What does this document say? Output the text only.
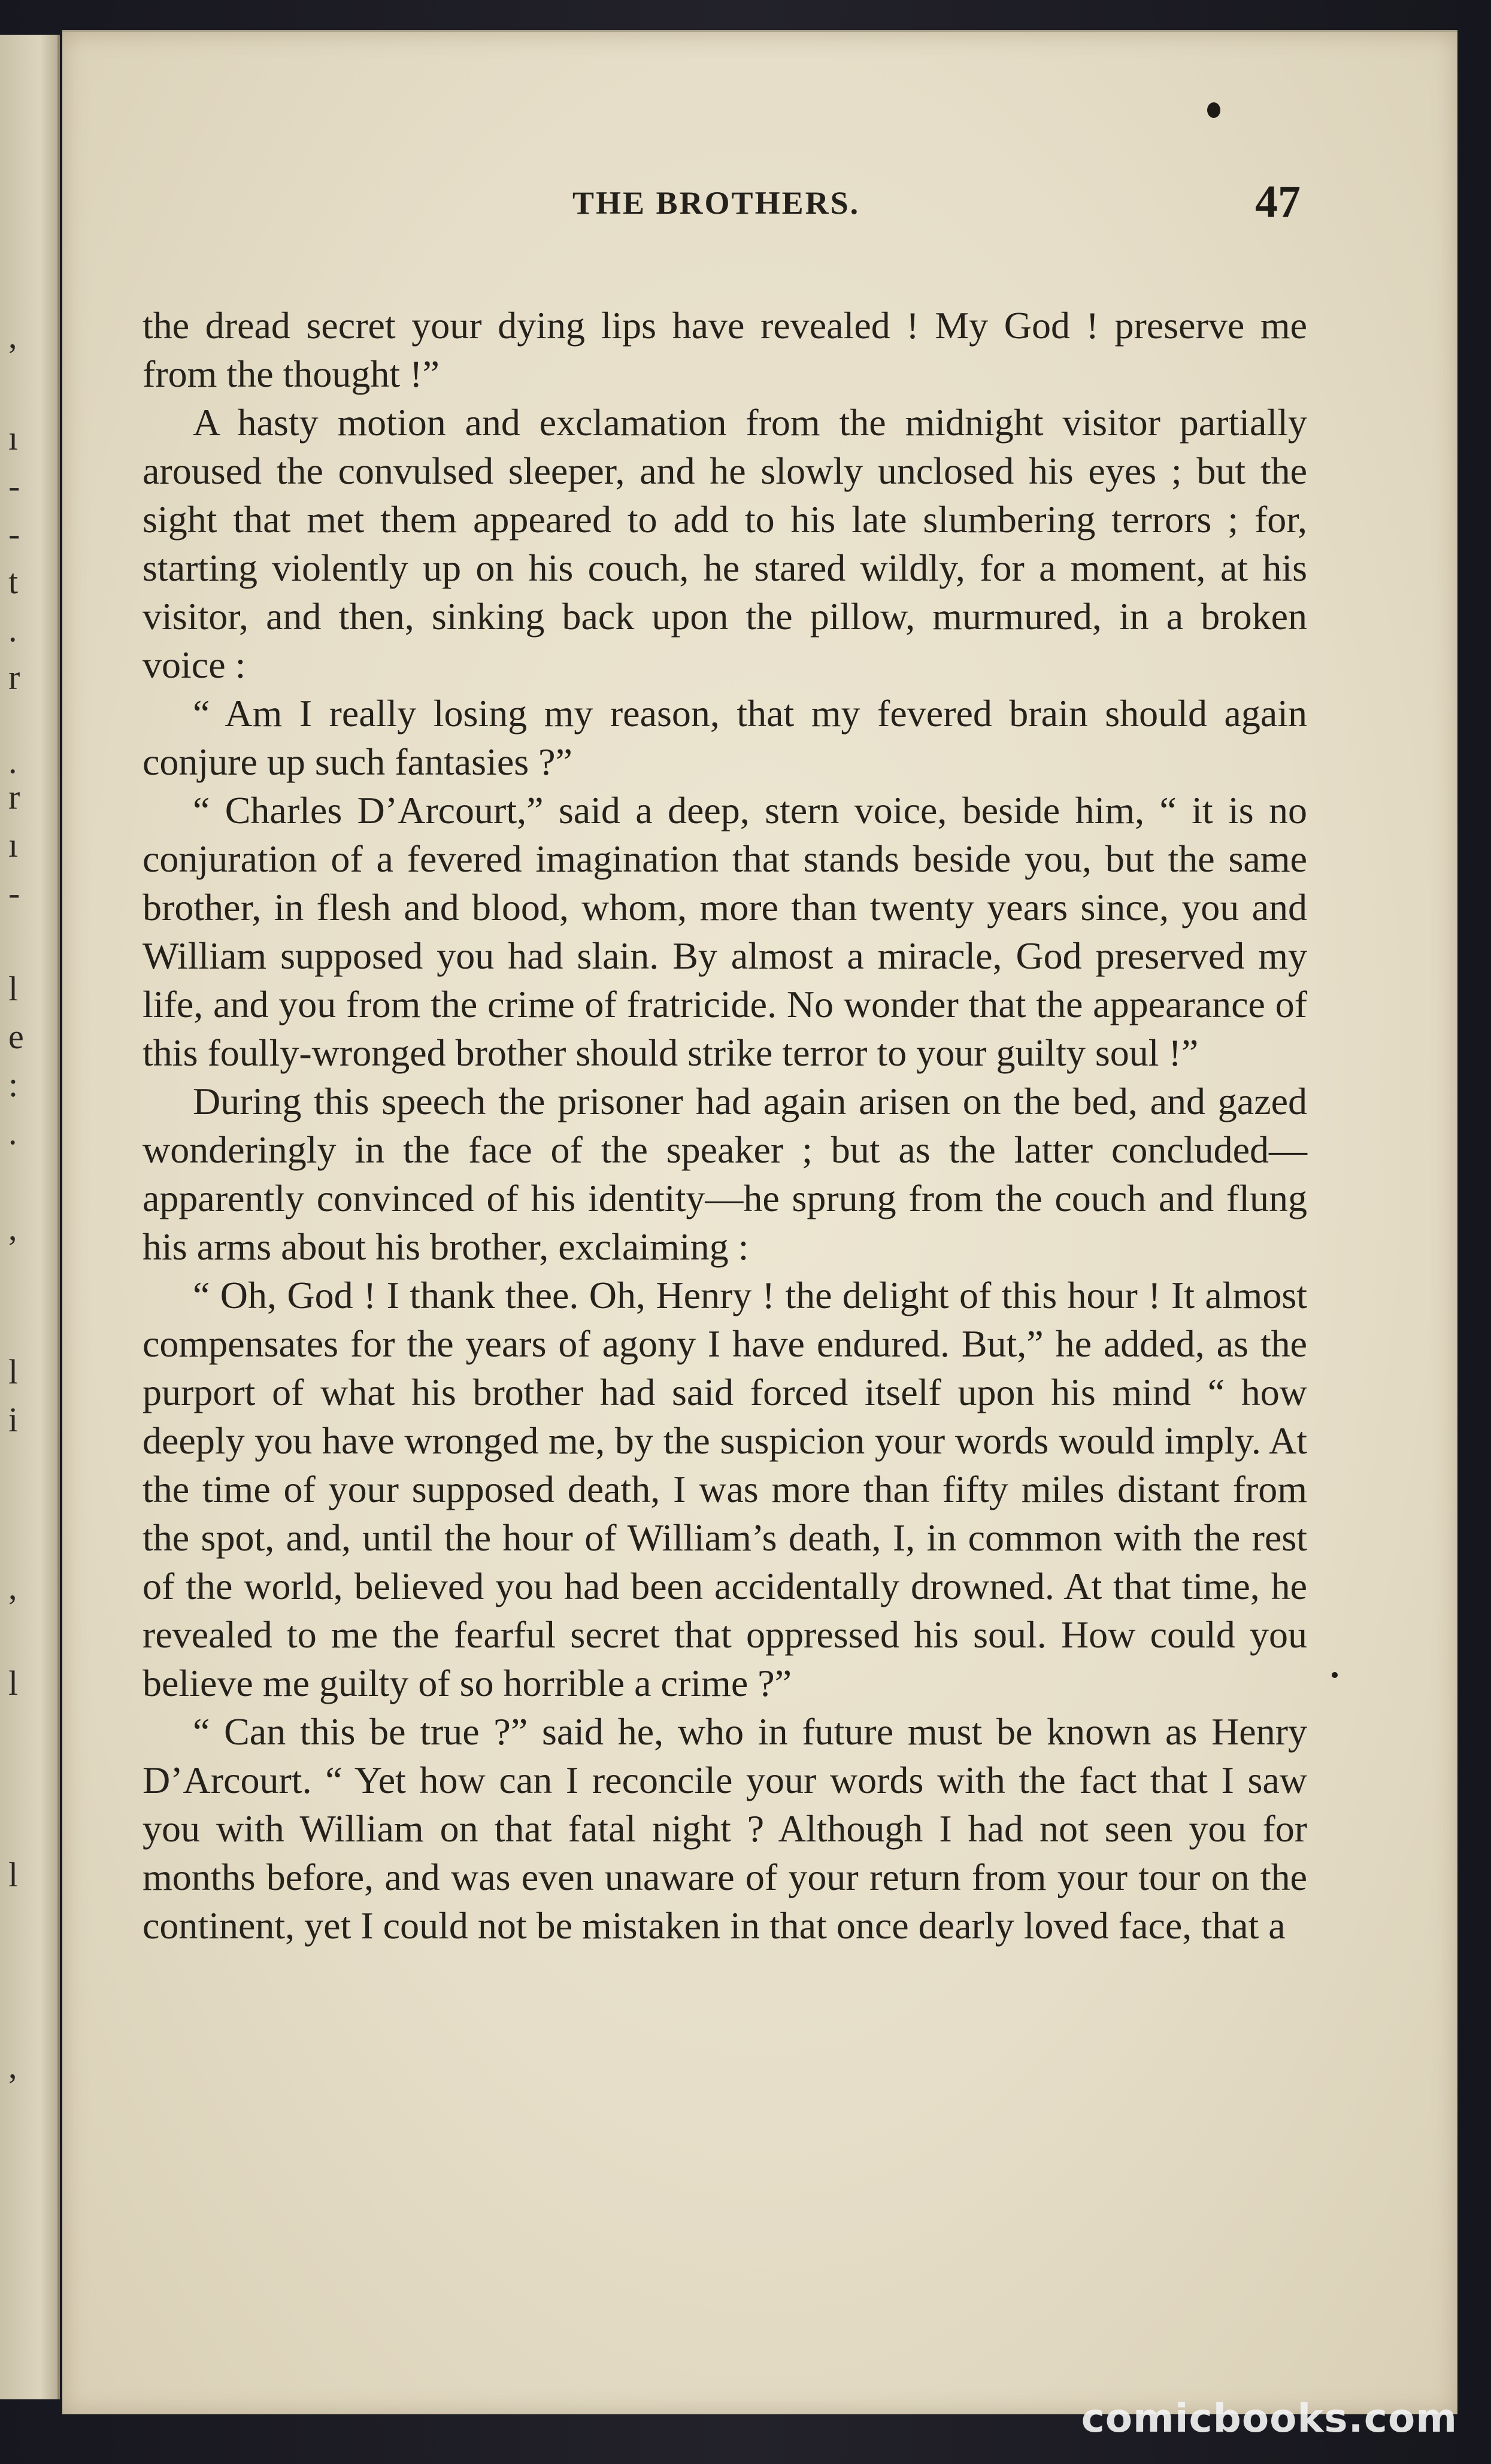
,
ı
-
-
t
.
r
.
r
ı
-
l
e
:
.
,
l
i
,
l
l
,
THE BROTHERS.	47

the dread secret your dying lips have revealed ! My God ! preserve me from the thought !”

A hasty motion and exclamation from the midnight visitor partially aroused the convulsed sleeper, and he slowly unclosed his eyes ; but the sight that met them appeared to add to his late slumbering terrors ; for, starting violently up on his couch, he stared wildly, for a moment, at his visitor, and then, sinking back upon the pillow, murmured, in a broken voice :

“ Am I really losing my reason, that my fevered brain should again conjure up such fantasies ?”

“ Charles D’Arcourt,” said a deep, stern voice, beside him, “ it is no conjuration of a fevered imagination that stands beside you, but the same brother, in flesh and blood, whom, more than twenty years since, you and William supposed you had slain. By almost a miracle, God preserved my life, and you from the crime of fratricide. No wonder that the appearance of this foully-wronged brother should strike terror to your guilty soul !”

During this speech the prisoner had again arisen on the bed, and gazed wonderingly in the face of the speaker ; but as the latter concluded—apparently convinced of his identity—he sprung from the couch and flung his arms about his brother, exclaiming :

“ Oh, God ! I thank thee. Oh, Henry ! the delight of this hour ! It almost compensates for the years of agony I have endured. But,” he added, as the purport of what his brother had said forced itself upon his mind “ how deeply you have wronged me, by the suspicion your words would imply. At the time of your supposed death, I was more than fifty miles distant from the spot, and, until the hour of William’s death, I, in common with the rest of the world, believed you had been accidentally drowned. At that time, he revealed to me the fearful secret that oppressed his soul. How could you believe me guilty of so horrible a crime ?”

“ Can this be true ?” said he, who in future must be known as Henry D’Arcourt. “ Yet how can I reconcile your words with the fact that I saw you with William on that fatal night ? Although I had not seen you for months before, and was even unaware of your return from your tour on the continent, yet I could not be mistaken in that once dearly loved face, that a

comicbooks.com
